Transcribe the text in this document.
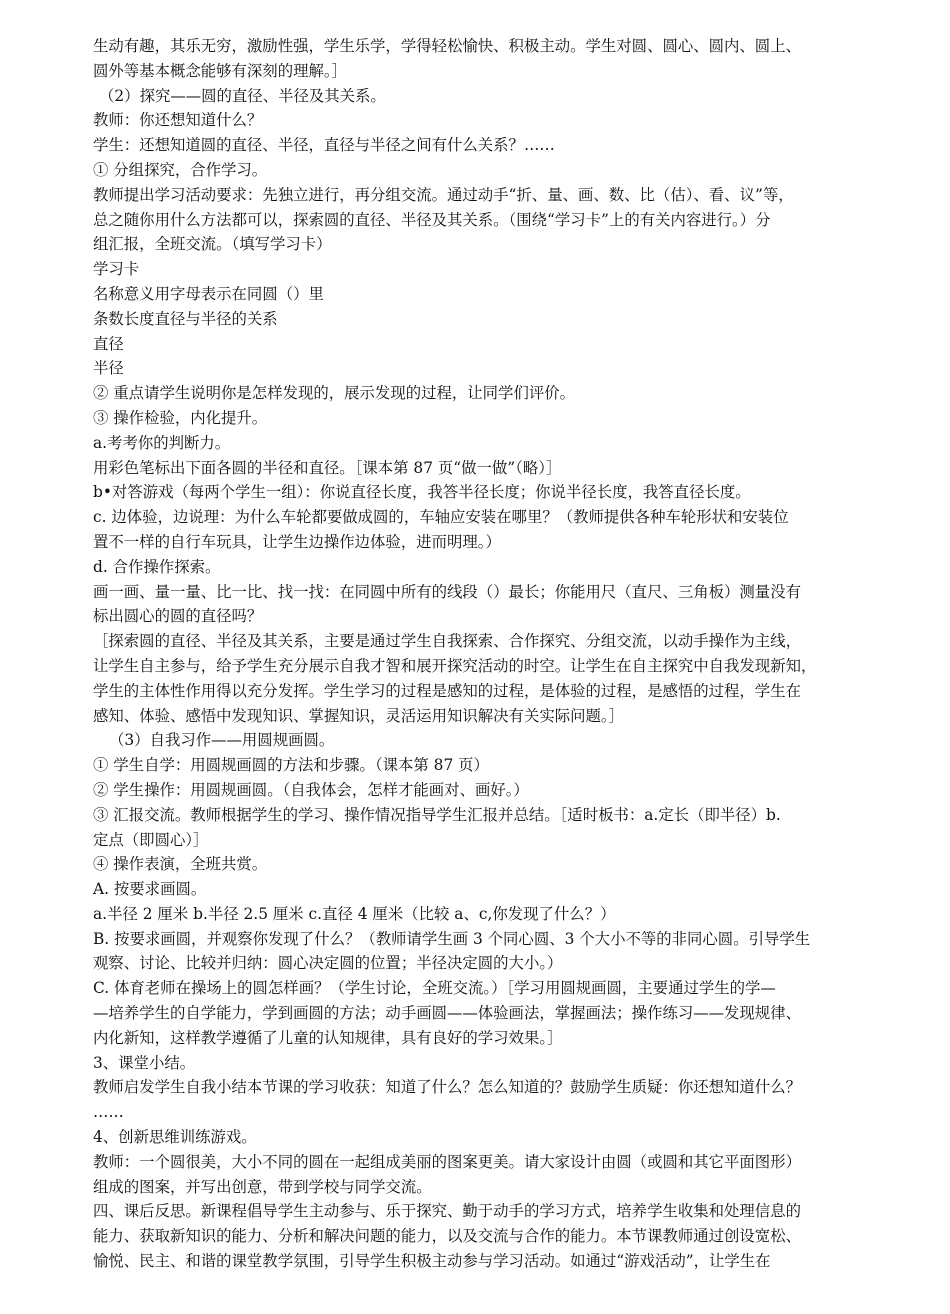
生动有趣，其乐无穷，激励性强，学生乐学，学得轻松愉快、积极主动。学生对圆、圆心、圆内、圆上、
圆外等基本概念能够有深刻的理解。］
（2）探究——圆的直径、半径及其关系。
教师：你还想知道什么？
学生：还想知道圆的直径、半径，直径与半径之间有什么关系？……
① 分组探究，合作学习。
教师提出学习活动要求：先独立进行，再分组交流。通过动手“折、量、画、数、比（估）、看、议”等，
总之随你用什么方法都可以，探索圆的直径、半径及其关系。（围绕“学习卡”上的有关内容进行。）分
组汇报，全班交流。（填写学习卡）
学习卡
名称意义用字母表示在同圆（）里
条数长度直径与半径的关系
直径
半径
② 重点请学生说明你是怎样发现的，展示发现的过程，让同学们评价。
③ 操作检验，内化提升。
a.考考你的判断力。
用彩色笔标出下面各圆的半径和直径。［课本第 87 页“做一做”（略）］
b•对答游戏（每两个学生一组）：你说直径长度，我答半径长度；你说半径长度，我答直径长度。
c. 边体验，边说理：为什么车轮都要做成圆的，车轴应安装在哪里？（教师提供各种车轮形状和安装位
置不一样的自行车玩具，让学生边操作边体验，进而明理。）
d. 合作操作探索。
画一画、量一量、比一比、找一找：在同圆中所有的线段（）最长；你能用尺（直尺、三角板）测量没有
标出圆心的圆的直径吗？
［探索圆的直径、半径及其关系，主要是通过学生自我探索、合作探究、分组交流，以动手操作为主线，
让学生自主参与，给予学生充分展示自我才智和展开探究活动的时空。让学生在自主探究中自我发现新知，
学生的主体性作用得以充分发挥。学生学习的过程是感知的过程，是体验的过程，是感悟的过程，学生在
感知、体验、感悟中发现知识、掌握知识，灵活运用知识解决有关实际问题。］
（3）自我习作——用圆规画圆。
① 学生自学：用圆规画圆的方法和步骤。（课本第 87 页）
② 学生操作：用圆规画圆。（自我体会，怎样才能画对、画好。）
③ 汇报交流。教师根据学生的学习、操作情况指导学生汇报并总结。［适时板书：a.定长（即半径）b.
定点（即圆心）］
④ 操作表演，全班共赏。
A. 按要求画圆。
a.半径 2 厘米 b.半径 2.5 厘米 c.直径 4 厘米（比较 a、c,你发现了什么？）
B. 按要求画圆，并观察你发现了什么？（教师请学生画 3 个同心圆、3 个大小不等的非同心圆。引导学生
观察、讨论、比较并归纳：圆心决定圆的位置；半径决定圆的大小。）
C. 体育老师在操场上的圆怎样画？（学生讨论，全班交流。）［学习用圆规画圆，主要通过学生的学—
—培养学生的自学能力，学到画圆的方法；动手画圆——体验画法，掌握画法；操作练习——发现规律、
内化新知，这样教学遵循了儿童的认知规律，具有良好的学习效果。］
3、课堂小结。
教师启发学生自我小结本节课的学习收获：知道了什么？怎么知道的？鼓励学生质疑：你还想知道什么？
……
4、创新思维训练游戏。
教师：一个圆很美，大小不同的圆在一起组成美丽的图案更美。请大家设计由圆（或圆和其它平面图形）
组成的图案，并写出创意，带到学校与同学交流。
四、课后反思。新课程倡导学生主动参与、乐于探究、勤于动手的学习方式，培养学生收集和处理信息的
能力、获取新知识的能力、分析和解决问题的能力，以及交流与合作的能力。本节课教师通过创设宽松、
愉悦、民主、和谐的课堂教学氛围，引导学生积极主动参与学习活动。如通过“游戏活动”，让学生在
